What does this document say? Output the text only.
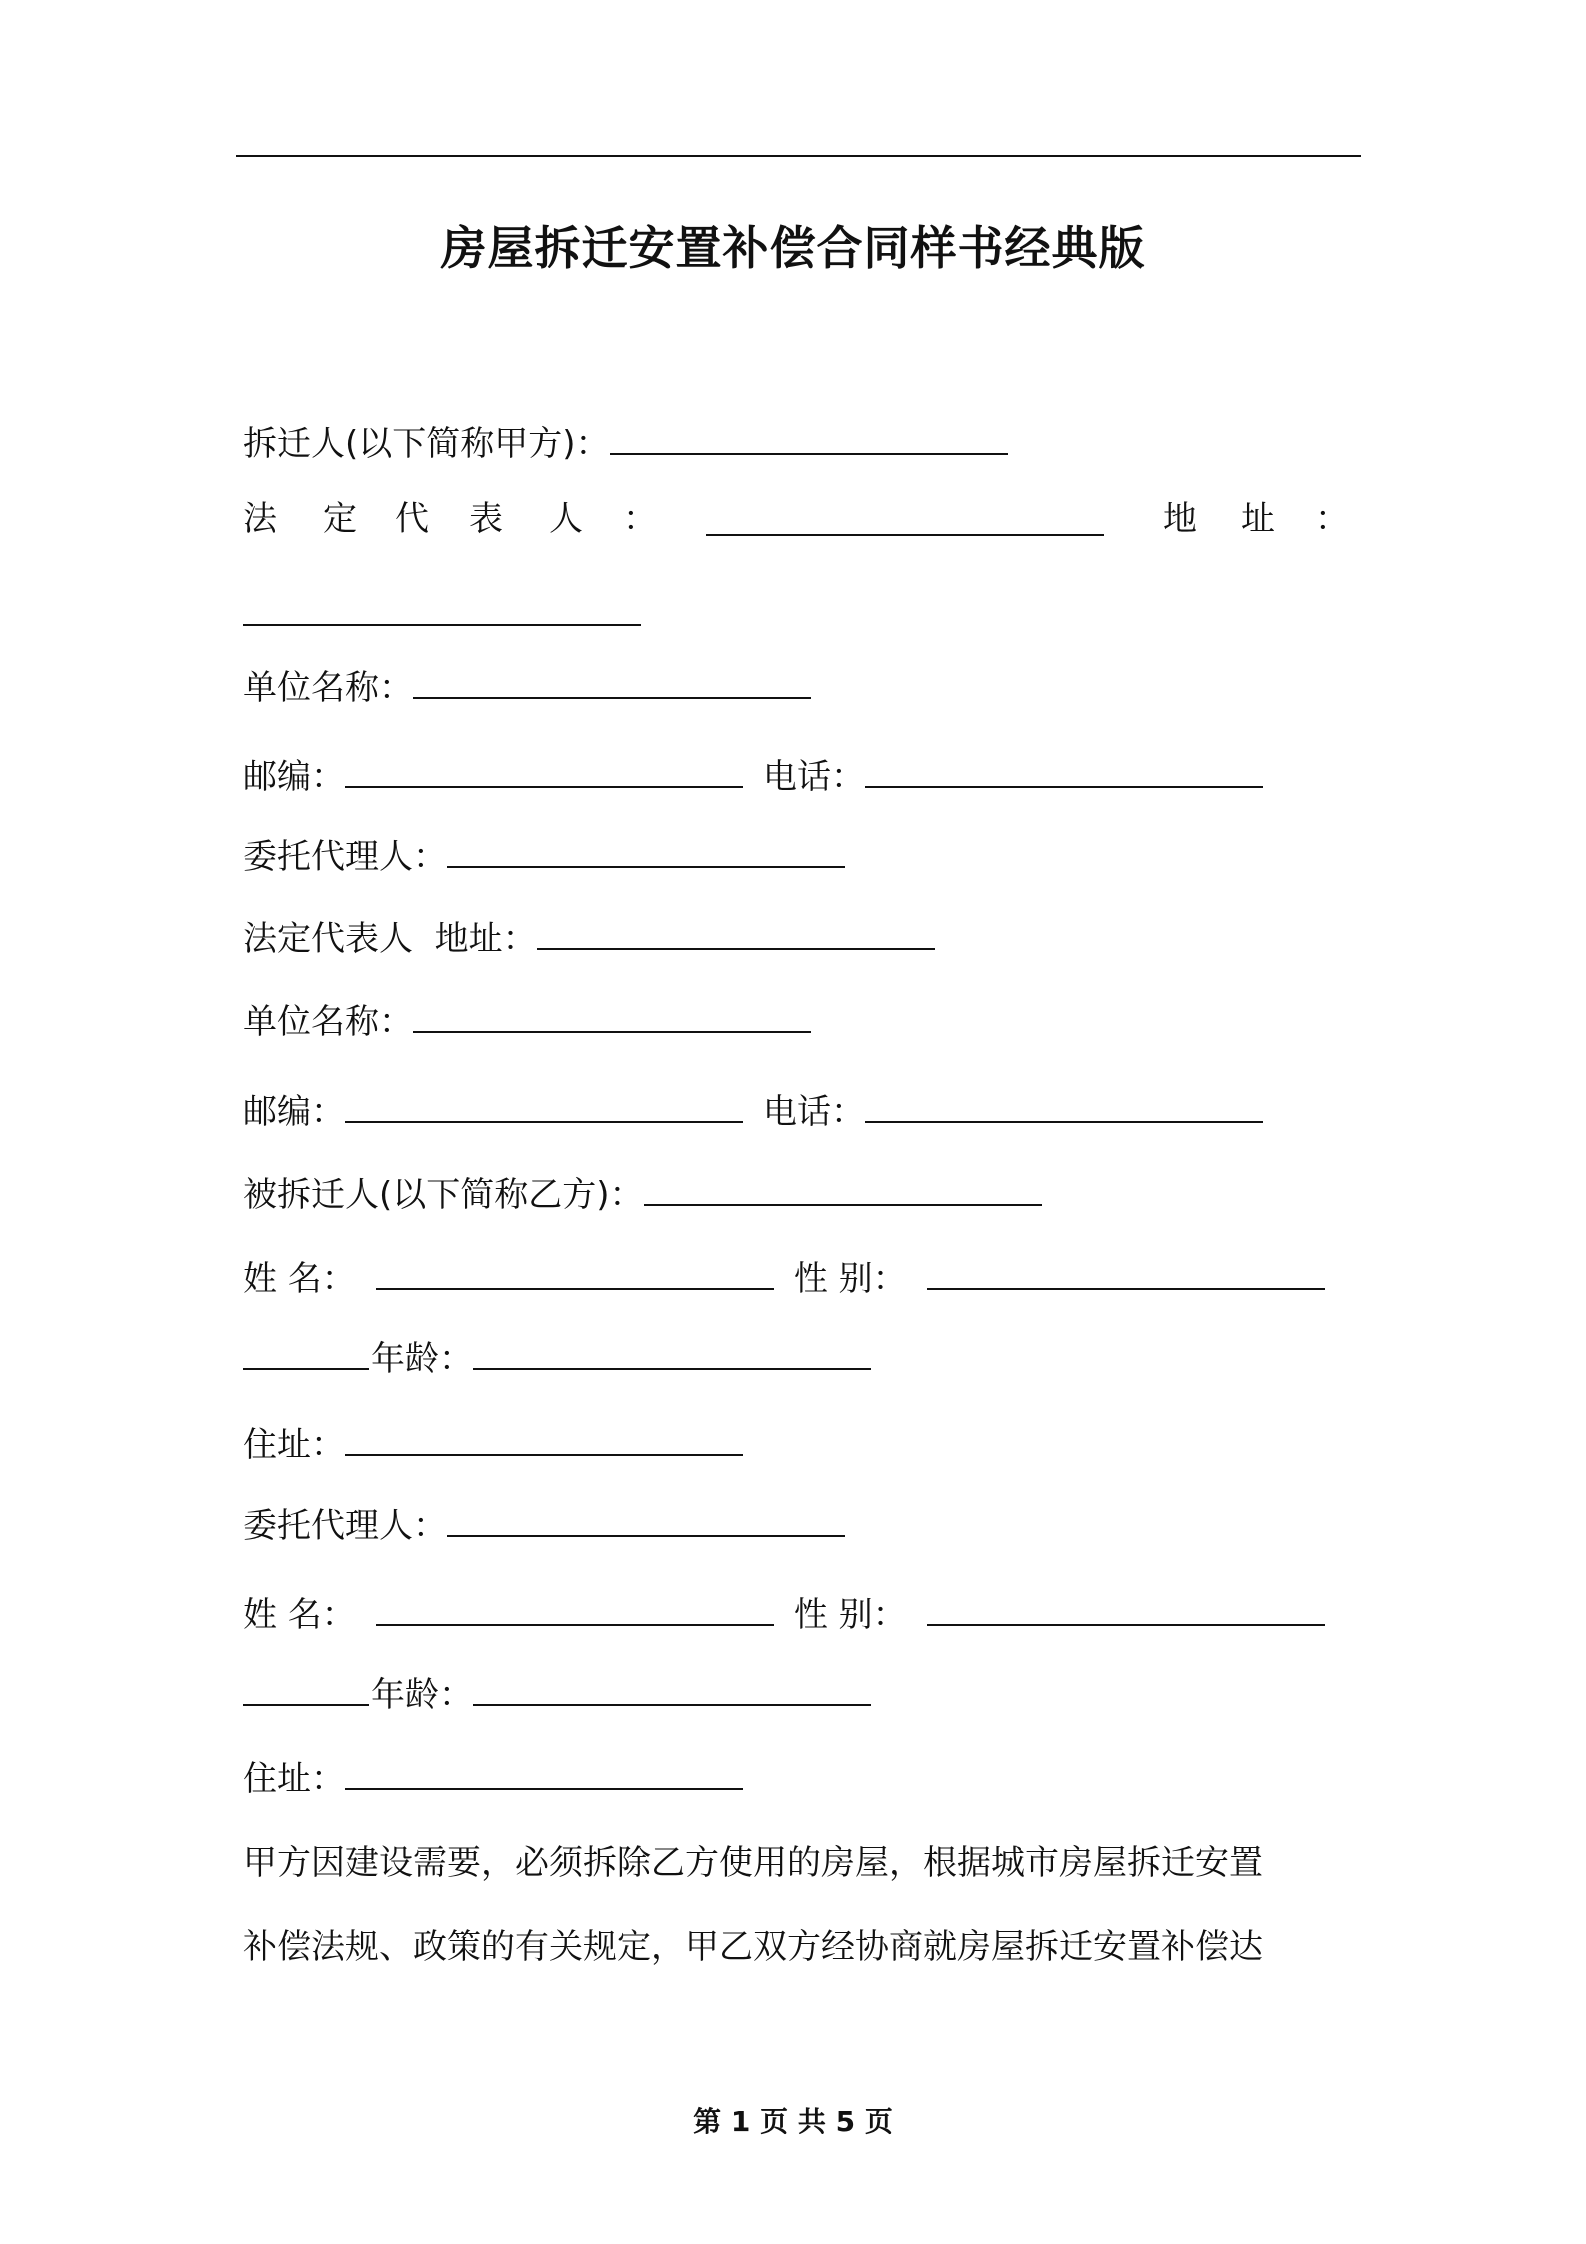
房屋拆迁安置补偿合同样书经典版
拆迁人(以下简称甲方)：
法 定 代 表 人 ：	地 址 ：
单位名称：
邮编：	电话：
委托代理人：
法定代表人  地址：
单位名称：
邮编：	电话：
被拆迁人(以下简称乙方)：
姓 名：	性 别：
年龄：
住址：
委托代理人：
姓 名：	性 别：
年龄：
住址：
甲方因建设需要，必须拆除乙方使用的房屋，根据城市房屋拆迁安置
补偿法规、政策的有关规定，甲乙双方经协商就房屋拆迁安置补偿达
第 1 页 共 5 页
